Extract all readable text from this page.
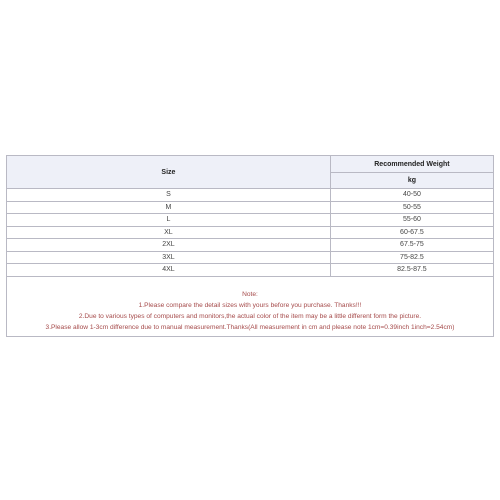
Size	Recommended Weight
	kg
S	40-50
M	50-55
L	55-60
XL	60-67.5
2XL	67.5-75
3XL	75-82.5
4XL	82.5-87.5
Note:
1.Please compare the detail sizes with yours before you purchase. Thanks!!!
2.Due to various types of computers and monitors,the actual color of the item may be a little different form the picture.
3.Please allow 1-3cm difference due to manual measurement.Thanks(All measurement in cm and please note 1cm=0.39inch 1inch=2.54cm)
